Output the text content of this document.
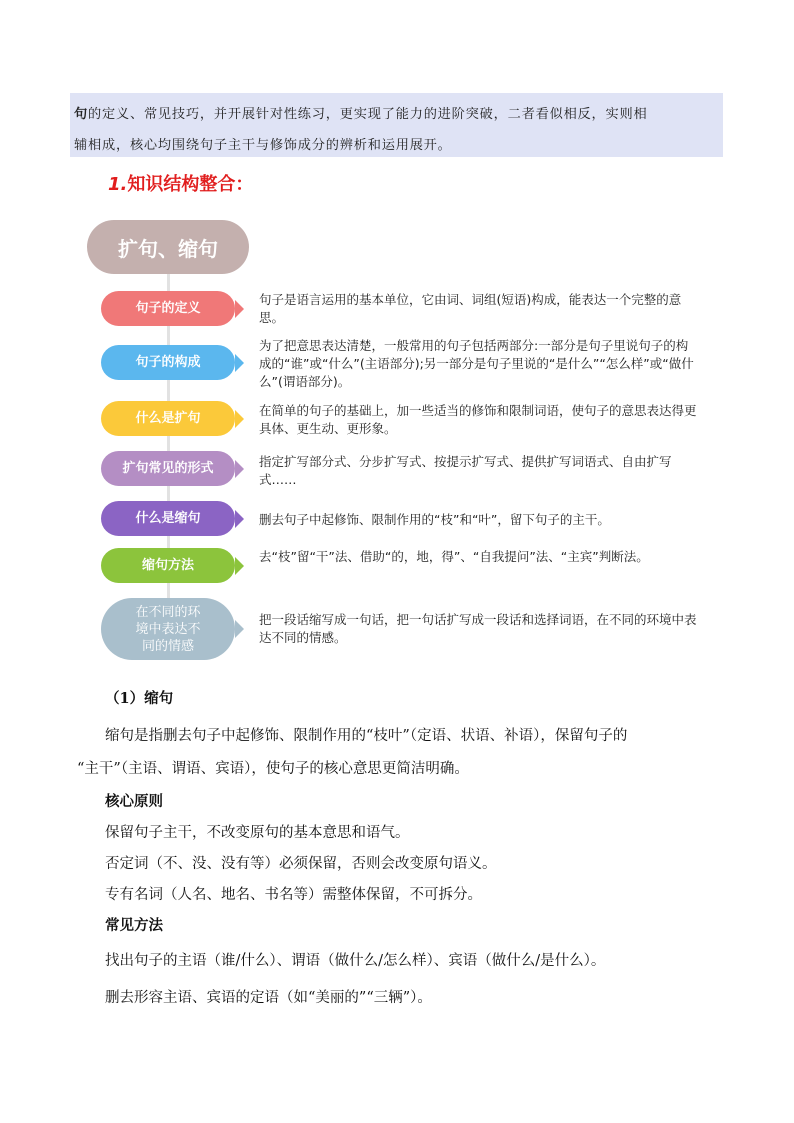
句的定义、常见技巧，并开展针对性练习，更实现了能力的进阶突破，二者看似相反，实则相
辅相成，核心均围绕句子主干与修饰成分的辨析和运用展开。
1.知识结构整合：
扩句、缩句
句子的定义
句子是语言运用的基本单位，它由词、词组(短语)构成，能表达一个完整的意思。
句子的构成
为了把意思表达清楚，一般常用的句子包括两部分:一部分是句子里说句子的构成的“谁”或“什么”(主语部分);另一部分是句子里说的“是什么”“怎么样”或“做什么”(谓语部分)。
什么是扩句
在简单的句子的基础上，加一些适当的修饰和限制词语，使句子的意思表达得更具体、更生动、更形象。
扩句常见的形式	指定扩写部分式、分步扩写式、按提示扩写式、提供扩写词语式、自由扩写式……
什么是缩句	删去句子中起修饰、限制作用的“枝”和“叶”，留下句子的主干。
缩句方法
去“枝”留“干”法、借助“的，地，得”、“自我提问”法、“主宾”判断法。
在不同的环境中表达不同的情感
把一段话缩写成一句话，把一句话扩写成一段话和选择词语，在不同的环境中表达不同的情感。
（1）缩句
缩句是指删去句子中起修饰、限制作用的“枝叶”（定语、状语、补语），保留句子的
“主干”（主语、谓语、宾语），使句子的核心意思更简洁明确。
核心原则
保留句子主干，不改变原句的基本意思和语气。
否定词（不、没、没有等）必须保留，否则会改变原句语义。
专有名词（人名、地名、书名等）需整体保留，不可拆分。
常见方法
找出句子的主语（谁/什么）、谓语（做什么/怎么样）、宾语（做什么/是什么）。
删去形容主语、宾语的定语（如“美丽的”“三辆”）。
